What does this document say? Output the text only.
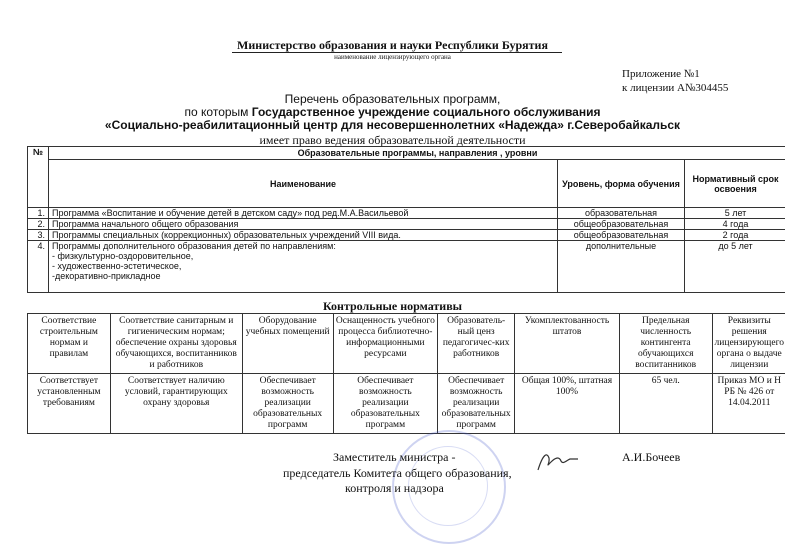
Министерство образования и науки Республики Бурятия
наименование лицензирующего органа
Приложение №1
к лицензии А№304455
Перечень образовательных программ,
по которым Государственное учреждение социального обслуживания
«Социально-реабилитационный центр для несовершеннолетних «Надежда» г.Северобайкальск
имеет право ведения образовательной деятельности
№	Образовательные программы, направления , уровни		
	Наименование	Уровень, форма обучения	Нормативный срок освоения
1.	Программа «Воспитание и обучение детей в детском саду» под ред.М.А.Васильевой	образовательная	5 лет
2.	Программа начального общего образования	общеобразовательная	4 года
3.	Программы специальных (коррекционных) образовательных учреждений VIII вида.	общеобразовательная	2 года
4.	Программы дополнительного образования детей по направлениям:
- физкультурно-оздоровительное,
- художественно-эстетическое,
-декоративно-прикладное	дополнительные	до 5 лет
Контрольные нормативы
Соответствие строительным нормам и правилам	Соответствие санитарным и гигиеническим нормам; обеспечение охраны здоровья обучающихся, воспитанников и работников	Оборудование учебных помещений	Оснащенность учебного процесса библиотечно-информационными ресурсами	Образователь-ный ценз педагогичес-ких работников	Укомплектованность штатов	Предельная численность контингента обучающихся воспитанников	Реквизиты решения лицензирующего органа о выдаче лицензии
Соответствует установленным требованиям	Соответствует наличию условий, гарантирующих охрану здоровья	Обеспечивает возможность реализации образовательных программ	Обеспечивает возможность реализации образовательных программ	Обеспечивает возможность реализации образовательных программ	Общая 100%, штатная 100%	65 чел.	Приказ МО и Н РБ № 426 от 14.04.2011
Заместитель министра -
председатель Комитета общего образования,
контроля и надзора
А.И.Бочеев
